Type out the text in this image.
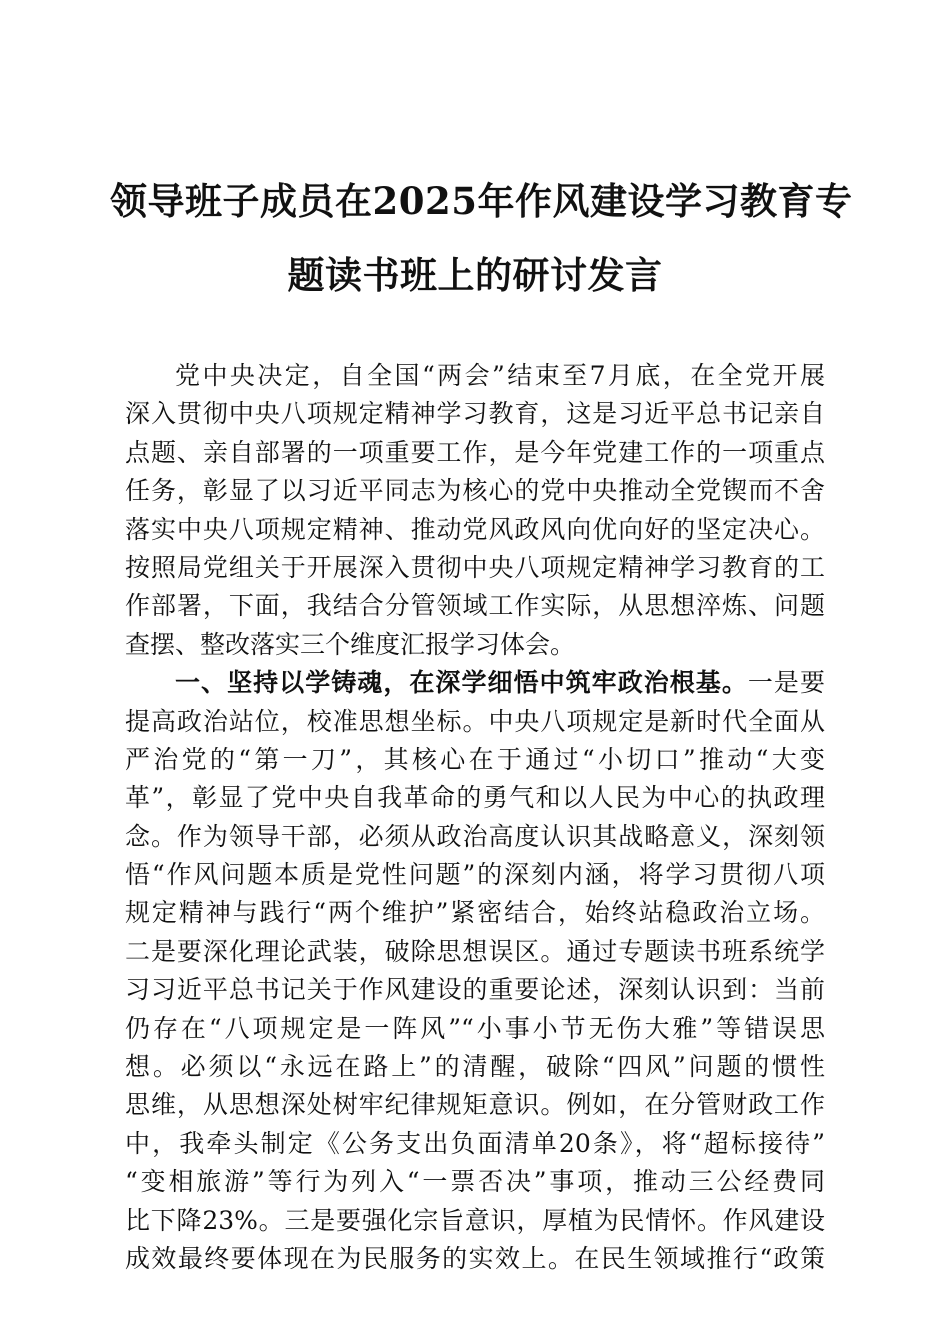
领导班子成员在2025年作风建设学习教育专
题读书班上的研讨发言
党中央决定，自全国“两会”结束至7月底，在全党开展
深入贯彻中央八项规定精神学习教育，这是习近平总书记亲自
点题、亲自部署的一项重要工作，是今年党建工作的一项重点
任务，彰显了以习近平同志为核心的党中央推动全党锲而不舍
落实中央八项规定精神、推动党风政风向优向好的坚定决心。
按照局党组关于开展深入贯彻中央八项规定精神学习教育的工
作部署，下面，我结合分管领域工作实际，从思想淬炼、问题
查摆、整改落实三个维度汇报学习体会。
一、坚持以学铸魂，在深学细悟中筑牢政治根基。一是要
提高政治站位，校准思想坐标。中央八项规定是新时代全面从
严治党的“第一刀”，其核心在于通过“小切口”推动“大变
革”，彰显了党中央自我革命的勇气和以人民为中心的执政理
念。作为领导干部，必须从政治高度认识其战略意义，深刻领
悟“作风问题本质是党性问题”的深刻内涵，将学习贯彻八项
规定精神与践行“两个维护”紧密结合，始终站稳政治立场。
二是要深化理论武装，破除思想误区。通过专题读书班系统学
习习近平总书记关于作风建设的重要论述，深刻认识到：当前
仍存在“八项规定是一阵风”“小事小节无伤大雅”等错误思
想。必须以“永远在路上”的清醒，破除“四风”问题的惯性
思维，从思想深处树牢纪律规矩意识。例如，在分管财政工作
中，我牵头制定《公务支出负面清单20条》，将“超标接待”
“变相旅游”等行为列入“一票否决”事项，推动三公经费同
比下降23%。三是要强化宗旨意识，厚植为民情怀。作风建设
成效最终要体现在为民服务的实效上。在民生领域推行“政策
